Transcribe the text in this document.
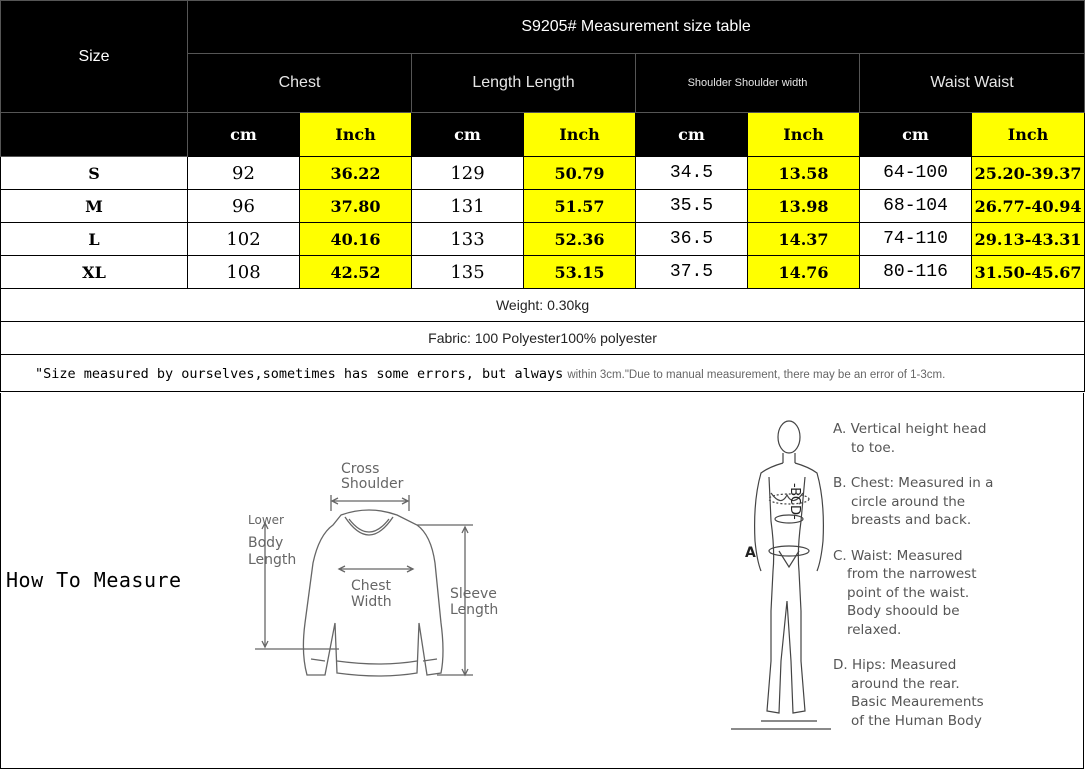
Size	S9205# Measurement size table							
	Chest		Length Length		Shoulder Shoulder width		Waist Waist	
	cm	Inch	cm	Inch	cm	Inch	cm	Inch
S	92	36.22	129	50.79	34.5	13.58	64-100	25.20-39.37
M	96	37.80	131	51.57	35.5	13.98	68-104	26.77-40.94
L	102	40.16	133	52.36	36.5	14.37	74-110	29.13-43.31
XL	108	42.52	135	53.15	37.5	14.76	80-116	31.50-45.67
Weight: 0.30kg								
Fabric: 100 Polyester100% polyester								
"Size measured by ourselves,sometimes has some errors, but always within 3cm."Due to manual measurement, there may be an error of 1-3cm.								
How To Measure
Cross
Shoulder
Lower
Body
Length
Chest
Width	Sleeve
Length
A
-BCD-
A. Vertical height head
to toe.
B. Chest: Measured in a
circle around the
breasts and back.
C. Waist: Measured
from the narrowest
point of the waist.
Body shoould be
relaxed.
D. Hips: Measured
around the rear.
Basic Meaurements
of the Human Body
